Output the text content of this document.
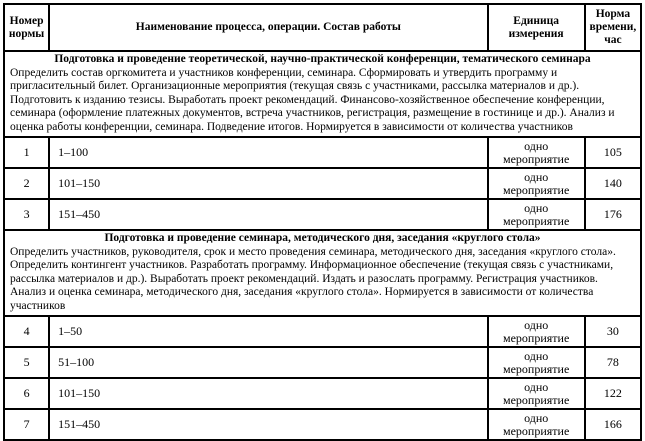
Номер нормы	Наименование процесса, операции. Состав работы	Единица измерения	Норма времени, час

Подготовка и проведение теоретической, научно-практической конференции, тематического семинара
Определить состав оргкомитета и участников конференции, семинара. Сформировать и утвердить программу и пригласительный билет. Организационные мероприятия (текущая связь с участниками, рассылка материалов и др.). Подготовить к изданию тезисы. Выработать проект рекомендаций. Финансово-хозяйственное обеспечение конференции, семинара (оформление платежных документов, встреча участников, регистрация, размещение в гостинице и др.). Анализ и оценка работы конференции, семинара. Подведение итогов. Нормируется в зависимости от количества участников			

1	1–100	одно мероприятие	105
2	101–150	одно мероприятие	140
3	151–450	одно мероприятие	176

Подготовка и проведение семинара, методического дня, заседания «круглого стола»
Определить участников, руководителя, срок и место проведения семинара, методического дня, заседания «круглого стола». Определить контингент участников. Разработать программу. Информационное обеспечение (текущая связь с участниками, рассылка материалов и др.). Выработать проект рекомендаций. Издать и разослать программу. Регистрация участников. Анализ и оценка семинара, методического дня, заседания «круглого стола». Нормируется в зависимости от количества участников			

4	1–50	одно мероприятие	30
5	51–100	одно мероприятие	78
6	101–150	одно мероприятие	122
7	151–450	одно мероприятие	166
